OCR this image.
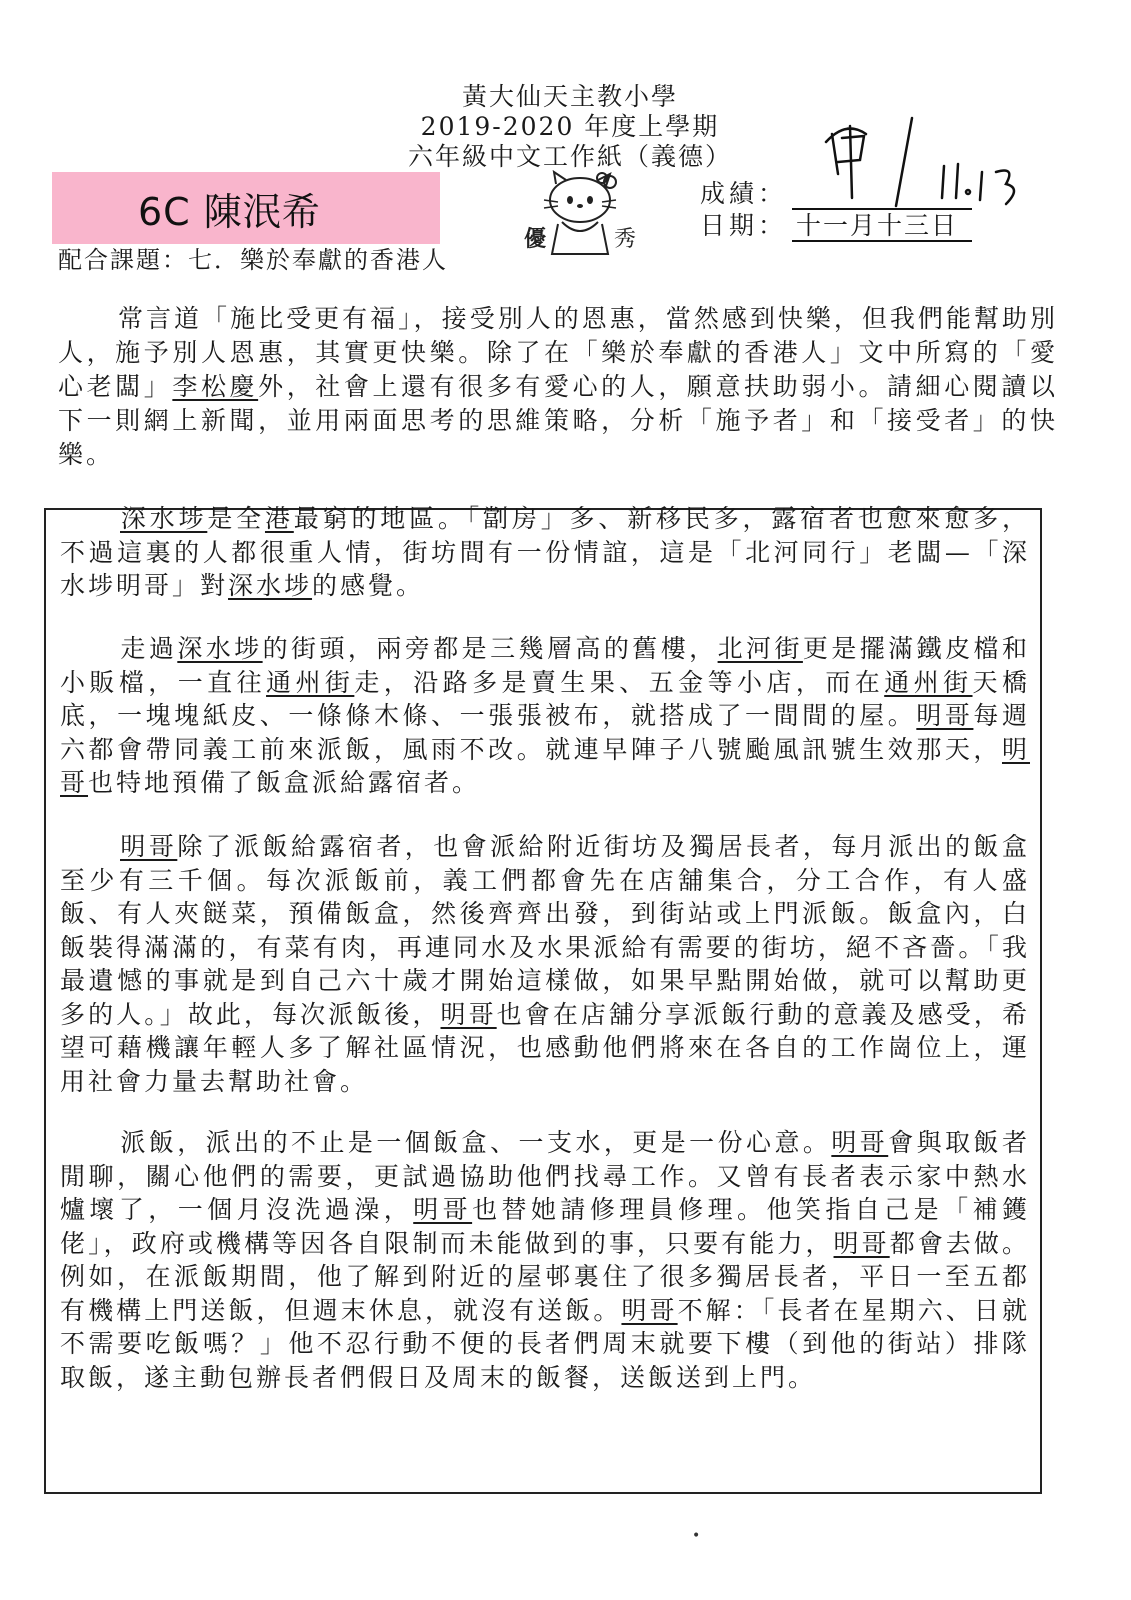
黃大仙天主教小學
2019-2020 年度上學期
六年級中文工作紙（義德）
6C 陳泯希
優	秀
成績：
日期： 十一月十三日
配合課題：七．樂於奉獻的香港人
常言道「施比受更有福」，接受別人的恩惠，當然感到快樂，但我們能幫助別人，施予別人恩惠，其實更快樂。除了在「樂於奉獻的香港人」文中所寫的「愛心老闆」李松慶外，社會上還有很多有愛心的人，願意扶助弱小。請細心閱讀以下一則網上新聞，並用兩面思考的思維策略，分析「施予者」和「接受者」的快樂。
深水埗是全港最窮的地區。「劏房」多、新移民多，露宿者也愈來愈多，不過這裏的人都很重人情，街坊間有一份情誼，這是「北河同行」老闆—「深水埗明哥」對深水埗的感覺。
走過深水埗的街頭，兩旁都是三幾層高的舊樓，北河街更是擺滿鐵皮檔和小販檔，一直往通州街走，沿路多是賣生果、五金等小店，而在通州街天橋底，一塊塊紙皮、一條條木條、一張張被布，就搭成了一間間的屋。明哥每週六都會帶同義工前來派飯，風雨不改。就連早陣子八號颱風訊號生效那天，明哥也特地預備了飯盒派給露宿者。
明哥除了派飯給露宿者，也會派給附近街坊及獨居長者，每月派出的飯盒至少有三千個。每次派飯前，義工們都會先在店舖集合，分工合作，有人盛飯、有人夾餸菜，預備飯盒，然後齊齊出發，到街站或上門派飯。飯盒內，白飯裝得滿滿的，有菜有肉，再連同水及水果派給有需要的街坊，絕不吝嗇。「我最遺憾的事就是到自己六十歲才開始這樣做，如果早點開始做，就可以幫助更多的人。」故此，每次派飯後，明哥也會在店舖分享派飯行動的意義及感受，希望可藉機讓年輕人多了解社區情況，也感動他們將來在各自的工作崗位上，運用社會力量去幫助社會。
派飯，派出的不止是一個飯盒、一支水，更是一份心意。明哥會與取飯者閒聊，關心他們的需要，更試過協助他們找尋工作。又曾有長者表示家中熱水爐壞了，一個月沒洗過澡，明哥也替她請修理員修理。他笑指自己是「補鑊佬」，政府或機構等因各自限制而未能做到的事，只要有能力，明哥都會去做。例如，在派飯期間，他了解到附近的屋邨裏住了很多獨居長者，平日一至五都有機構上門送飯，但週末休息，就沒有送飯。明哥不解：「長者在星期六、日就不需要吃飯嗎？」他不忍行動不便的長者們周末就要下樓（到他的街站）排隊取飯，遂主動包辦長者們假日及周末的飯餐，送飯送到上門。
•
